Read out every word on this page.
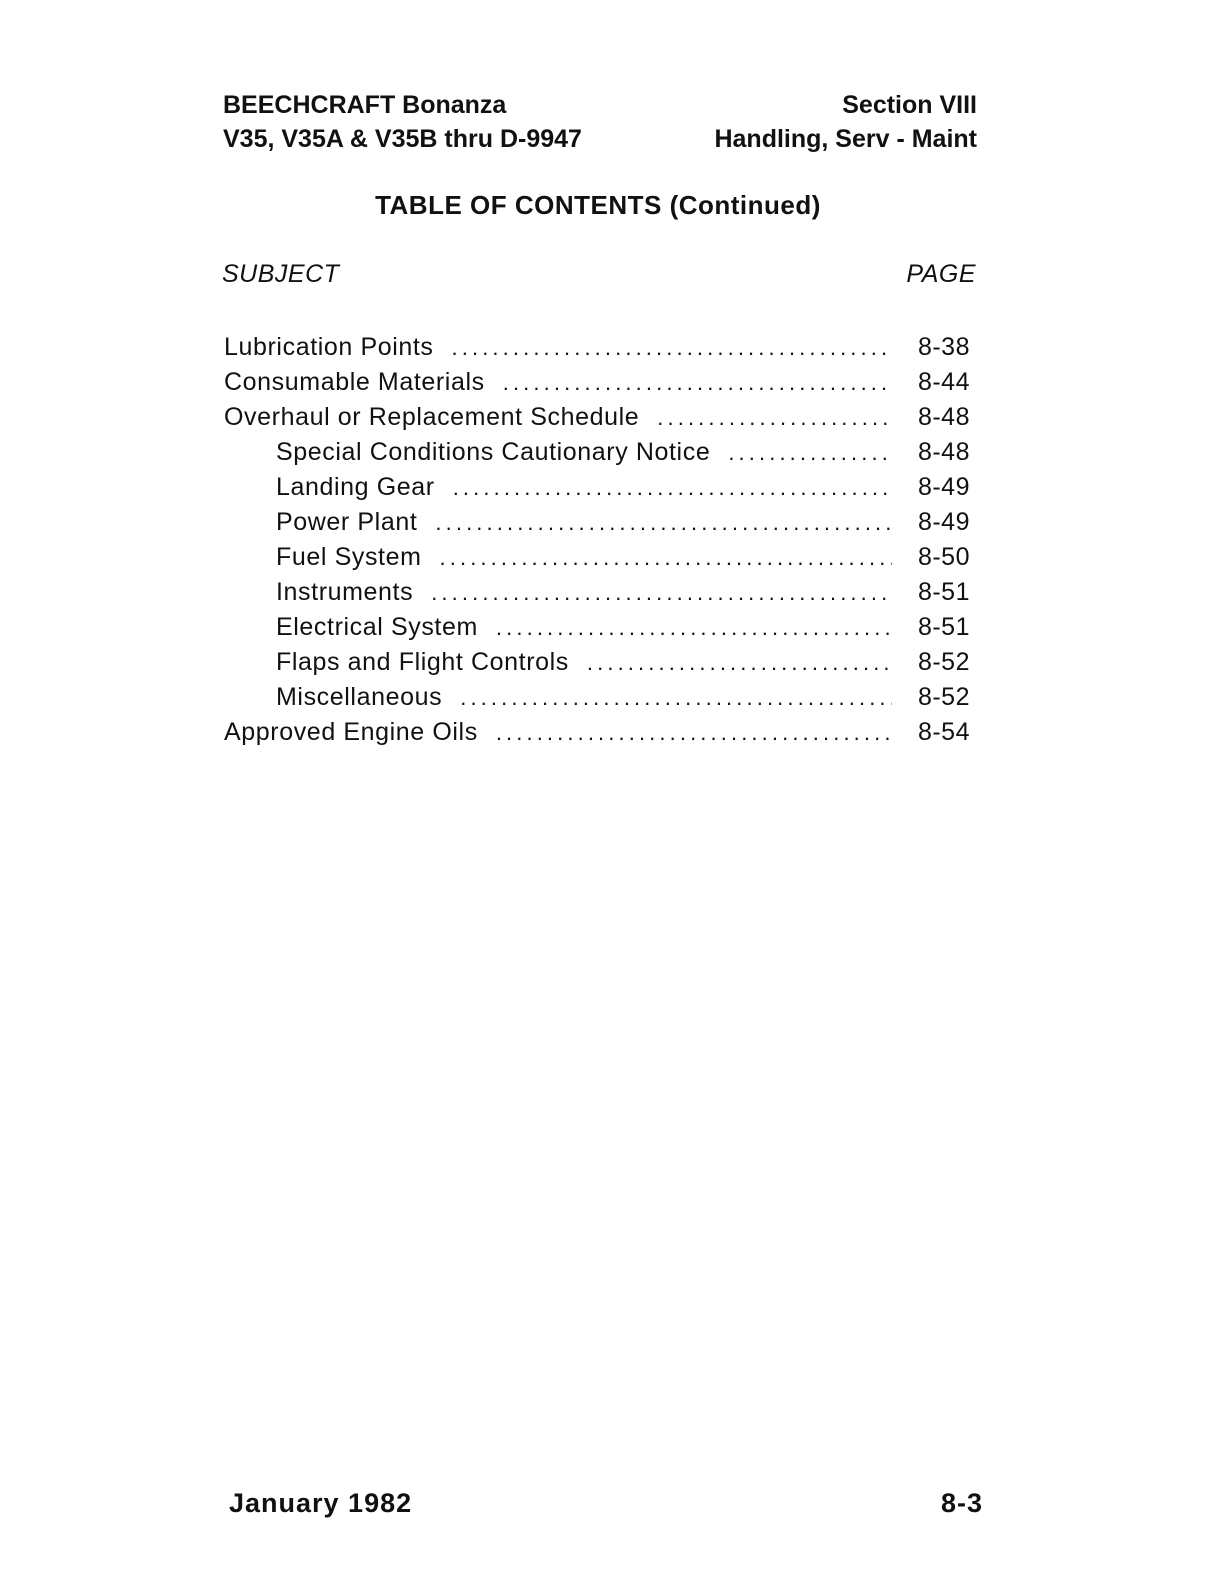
BEECHCRAFT Bonanza	Section VIII
V35, V35A & V35B thru D-9947	Handling, Serv - Maint
TABLE OF CONTENTS (Continued)
SUBJECT	PAGE
Lubrication Points . . .	8-38
Consumable Materials . . .	8-44
Overhaul or Replacement Schedule . . .	8-48
Special Conditions Cautionary Notice . . .	8-48
Landing Gear . . .	8-49
Power Plant . . .	8-49
Fuel System . . .	8-50
Instruments . . .	8-51
Electrical System . . .	8-51
Flaps and Flight Controls . . .	8-52
Miscellaneous . . .	8-52
Approved Engine Oils . . .	8-54
January 1982	8-3
